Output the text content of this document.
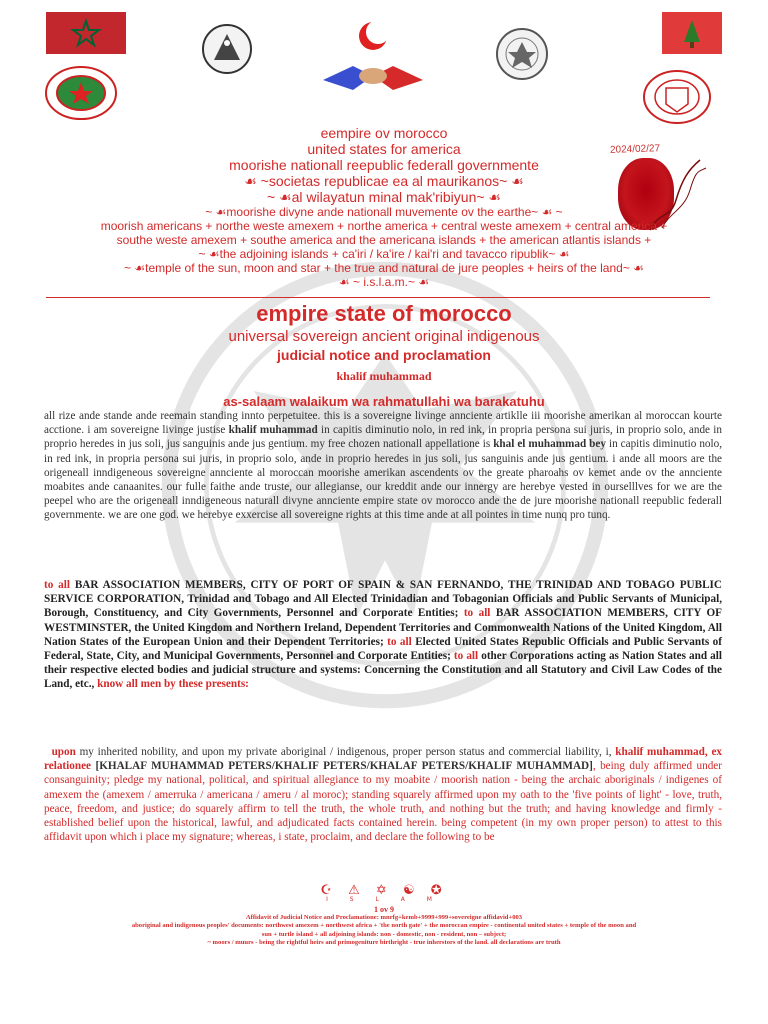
2024/02/27
eempire ov morocco
united states for america
moorishe nationall reepublic federall governmente
☙ ~societas republicae ea al maurikanos~ ☙
~ ☙al wilayatun minal mak'ribiyun~ ☙
~ ☙moorishe divyne ande nationall muvemente ov the earthe~ ☙ ~
moorish americans + northe weste amexem + northe america + central weste amexem + central america +
southe weste amexem + southe america and the americana islands + the american atlantis islands +
~ ☙the adjoining islands + ca'iri / ka'ire / kai'ri and tavacco ripublik~ ☙
~ ☙temple of the sun, moon and star + the true and natural de jure peoples + heirs of the land~ ☙
☙ ~ i.s.l.a.m.~ ☙
empire state of morocco
universal sovereign ancient original indigenous
judicial notice and proclamation
khalif muhammad
as-salaam walaikum wa rahmatullahi wa barakatuhu
all rize ande stande ande reemain standing innto perpetuitee. this is a sovereigne livinge annciente artiklle iii moorishe amerikan al moroccan kourte acctione. i am sovereigne livinge justise khalif muhammad in capitis diminutio nolo, in red ink, in propria persona sui juris, in proprio solo, ande in proprio heredes in jus soli, jus sanguinis ande jus gentium. my free chozen nationall appellatione is khal el muhammad bey in capitis diminutio nolo, in red ink, in propria persona sui juris, in proprio solo, ande in proprio heredes in jus soli, jus sanguinis ande jus gentium. i ande all moors are the origeneall inndigeneous sovereigne annciente al moroccan moorishe amerikan ascendents ov the greate pharoahs ov kemet ande ov the annciente moabites ande canaanites. our fulle faithe ande truste, our allegianse, our kreddit ande our innergy are herebye vested in ourselllves for we are the peepel who are the origeneall inndigeneous naturall divyne annciente empire state ov morocco ande the de jure moorishe nationall reepublic federall governmente. we are one god. we herebye exxercise all sovereigne rights at this time ande at all pointes in time nunq pro tunq.
to all BAR ASSOCIATION MEMBERS, CITY OF PORT OF SPAIN & SAN FERNANDO, THE TRINIDAD AND TOBAGO PUBLIC SERVICE CORPORATION, Trinidad and Tobago and All Elected Trinidadian and Tobagonian Officials and Public Servants of Municipal, Borough, Constituency, and City Governments, Personnel and Corporate Entities; to all BAR ASSOCIATION MEMBERS, CITY OF WESTMINSTER, the United Kingdom and Northern Ireland, Dependent Territories and Commonwealth Nations of the United Kingdom, All Nation States of the European Union and their Dependent Territories; to all Elected United States Republic Officials and Public Servants of Federal, State, City, and Municipal Governments, Personnel and Corporate Entities; to all other Corporations acting as Nation States and all their respective elected bodies and judicial structure and systems: Concerning the Constitution and all Statutory and Civil Law Codes of the Land, etc., know all men by these presents:
upon my inherited nobility, and upon my private aboriginal / indigenous, proper person status and commercial liability, i, khalif muhammad, ex relationee [KHALAF MUHAMMAD PETERS/KHALIF PETERS/KHALAF PETERS/KHALIF MUHAMMAD], being duly affirmed under consanguinity; pledge my national, political, and spiritual allegiance to my moabite / moorish nation - being the archaic aboriginals / indigenes of amexem the (amexem / amerruka / americana / ameru / al moroc); standing squarely affirmed upon my oath to the 'five points of light' - love, truth, peace, freedom, and justice; do squarely affirm to tell the truth, the whole truth, and nothing but the truth; and having knowledge and firmly - established belief upon the historical, lawful, and adjudicated facts contained herein. being competent (in my own proper person) to attest to this affidavit upon which i place my signature; whereas, i state, proclaim, and declare the following to be
☪ ⚠ ✡ ☯ ✪
I S L A M
1 ov 9
Affidavit of Judicial Notice and Proclamatione: mnrfg+kemb+9999+999+sovereigne affidavid+003
aboriginal and indigenous peoples' documents: northwest amexem + northwest africa + 'the north gate' + the moroccan empire - continental united states + temple of the moon and
sun + turtle island + all adjoining islands: non - domestic, non - resident, non – subject;
~ moors / muurs - being the rightful heirs and primogeniture birthright - true inherstors of the land. all declarations are truth
